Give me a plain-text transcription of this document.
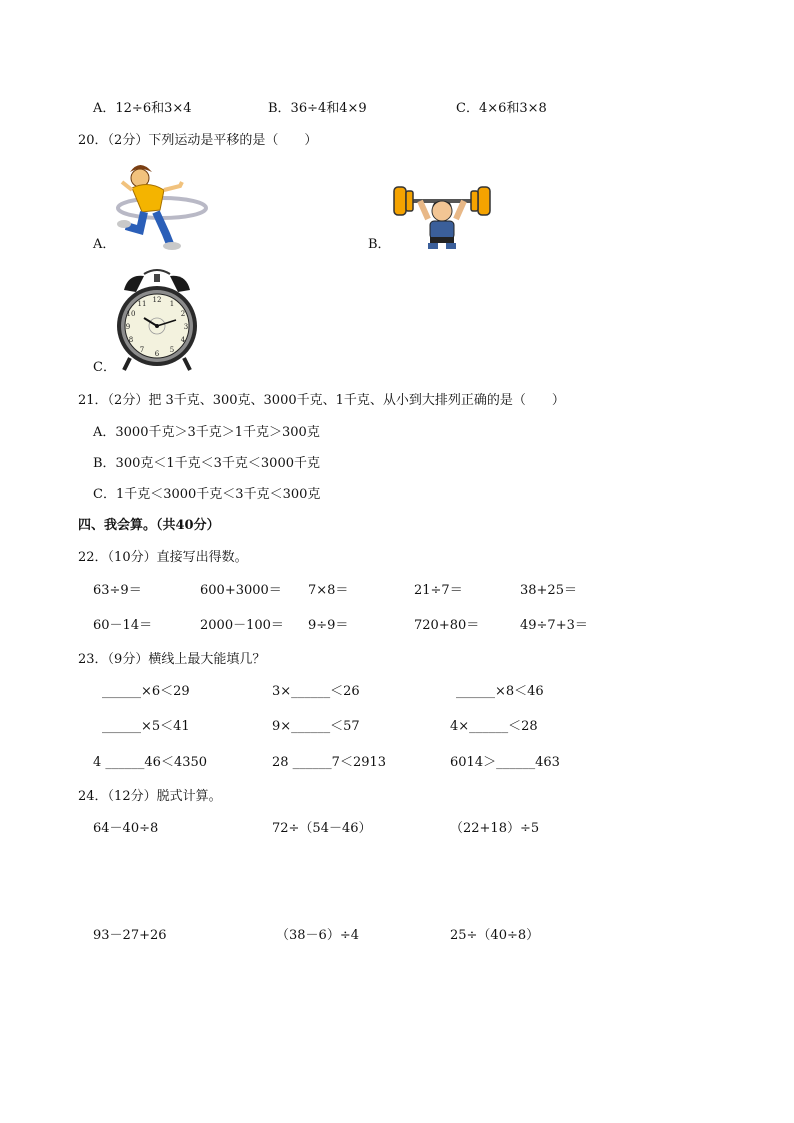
A．12÷6和3×4	B．36÷4和4×9	C．4×6和3×8
20．（2分）下列运动是平移的是（　　）
A．	B．
C．
12 1
2
3
4
5
6
7
8
9
10
11
21．（2分）把 3千克、300克、3000千克、1千克、从小到大排列正确的是（　　）
A．3000千克＞3千克＞1千克＞300克
B．300克＜1千克＜3千克＜3000千克
C．1千克＜3000千克＜3千克＜300克
四、我会算。（共40分）
22．（10分）直接写出得数。
63÷9＝	600+3000＝ 7×8＝	21÷7＝	38+25＝
60－14＝	2000－100＝ 9÷9＝	720+80＝	49÷7+3＝
23．（9分）横线上最大能填几？
______×6＜29	3×______＜26	______×8＜46
______×5＜41	9×______＜57	4×______＜28
4 ______46＜4350	28 ______7＜2913	6014＞______463
24．（12分）脱式计算。
64－40÷8	72÷（54－46）	（22+18）÷5
93－27+26	（38－6）÷4	25÷（40÷8）
